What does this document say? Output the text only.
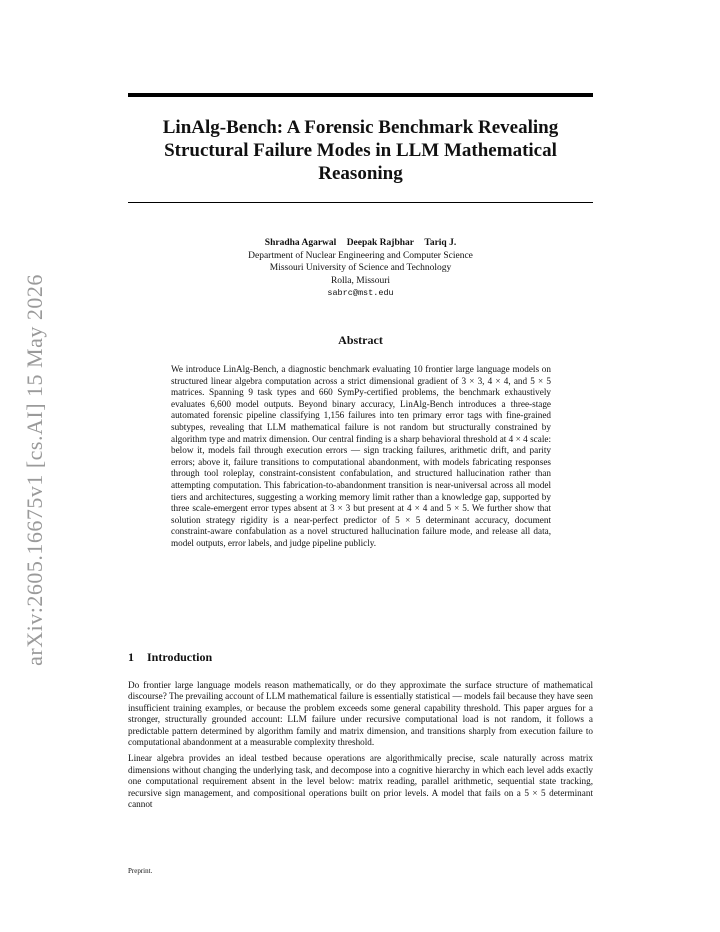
LinAlg-Bench: A Forensic Benchmark Revealing Structural Failure Modes in LLM Mathematical Reasoning
arXiv:2605.16675v1 [cs.AI] 15 May 2026
Shradha Agarwal Deepak Rajbhar Tariq J.
Department of Nuclear Engineering and Computer Science
Missouri University of Science and Technology
Rolla, Missouri
sabrc@mst.edu
Abstract
We introduce LinAlg-Bench, a diagnostic benchmark evaluating 10 frontier large language models on structured linear algebra computation across a strict dimensional gradient of 3 × 3, 4 × 4, and 5 × 5 matrices. Spanning 9 task types and 660 SymPy-certified problems, the benchmark exhaustively evaluates 6,600 model outputs. Beyond binary accuracy, LinAlg-Bench introduces a three-stage automated forensic pipeline classifying 1,156 failures into ten primary error tags with fine-grained subtypes, revealing that LLM mathematical failure is not random but structurally constrained by algorithm type and matrix dimension. Our central finding is a sharp behavioral threshold at 4 × 4 scale: below it, models fail through execution errors — sign tracking failures, arithmetic drift, and parity errors; above it, failure transitions to computational abandonment, with models fabricating responses through tool roleplay, constraint-consistent confabulation, and structured hallucination rather than attempting computation. This fabrication-to-abandonment transition is near-universal across all model tiers and architectures, suggesting a working memory limit rather than a knowledge gap, supported by three scale-emergent error types absent at 3 × 3 but present at 4 × 4 and 5 × 5. We further show that solution strategy rigidity is a near-perfect predictor of 5 × 5 determinant accuracy, document constraint-aware confabulation as a novel structured hallucination failure mode, and release all data, model outputs, error labels, and judge pipeline publicly.
1 Introduction

Do frontier large language models reason mathematically, or do they approximate the surface structure of mathematical discourse? The prevailing account of LLM mathematical failure is essentially statistical — models fail because they have seen insufficient training examples, or because the problem exceeds some general capability threshold. This paper argues for a stronger, structurally grounded account: LLM failure under recursive computational load is not random, it follows a predictable pattern determined by algorithm family and matrix dimension, and transitions sharply from execution failure to computational abandonment at a measurable complexity threshold.

Linear algebra provides an ideal testbed because operations are algorithmically precise, scale naturally across matrix dimensions without changing the underlying task, and decompose into a cognitive hierarchy in which each level adds exactly one computational requirement absent in the level below: matrix reading, parallel arithmetic, sequential state tracking, recursive sign management, and compositional operations built on prior levels. A model that fails on a 5 × 5 determinant cannot

Preprint.
